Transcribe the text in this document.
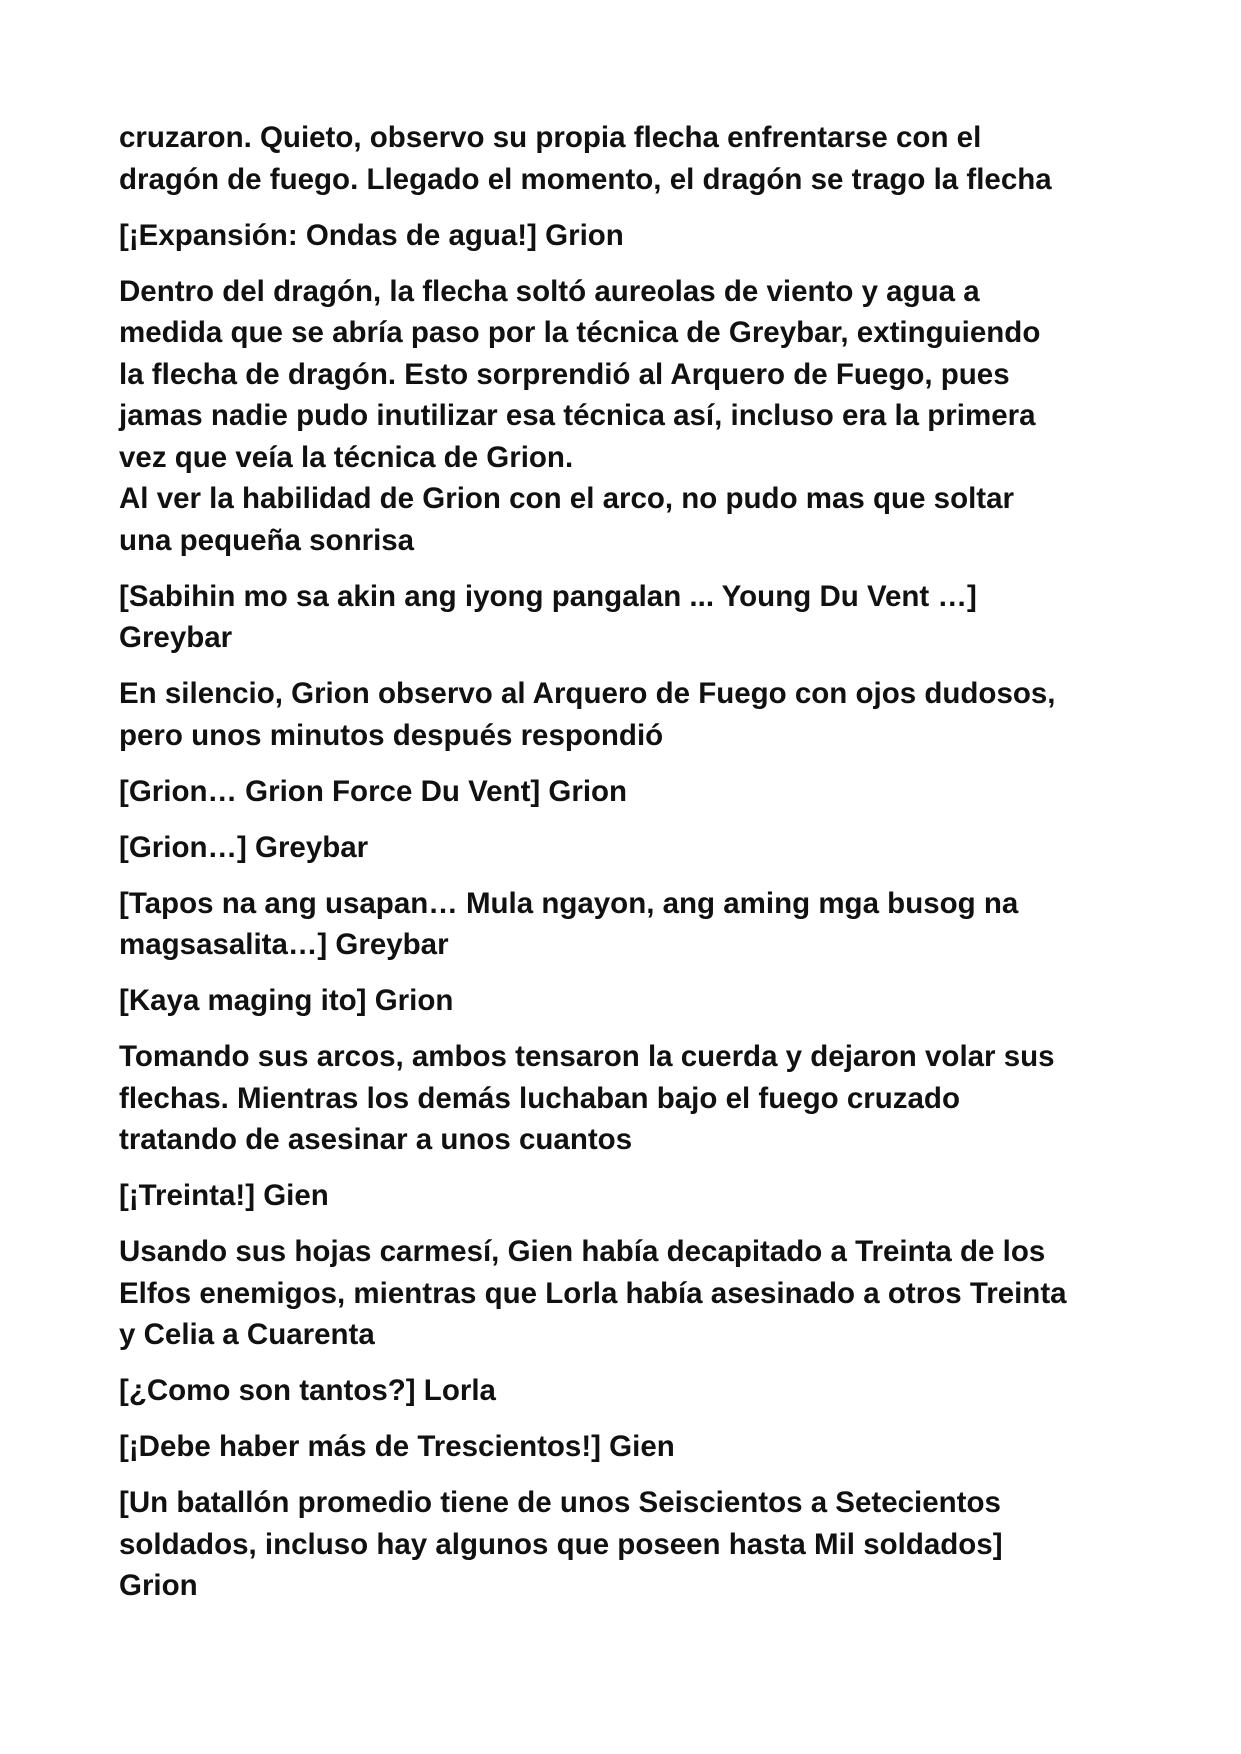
cruzaron. Quieto, observo su propia flecha enfrentarse con el
dragón de fuego. Llegado el momento, el dragón se trago la flecha

[¡Expansión: Ondas de agua!] Grion

Dentro del dragón, la flecha soltó aureolas de viento y agua a
medida que se abría paso por la técnica de Greybar, extinguiendo
la flecha de dragón. Esto sorprendió al Arquero de Fuego, pues
jamas nadie pudo inutilizar esa técnica así, incluso era la primera
vez que veía la técnica de Grion.
Al ver la habilidad de Grion con el arco, no pudo mas que soltar
una pequeña sonrisa

[Sabihin mo sa akin ang iyong pangalan ... Young Du Vent …]
Greybar

En silencio, Grion observo al Arquero de Fuego con ojos dudosos,
pero unos minutos después respondió

[Grion… Grion Force Du Vent] Grion

[Grion…] Greybar

[Tapos na ang usapan… Mula ngayon, ang aming mga busog na
magsasalita…] Greybar

[Kaya maging ito] Grion

Tomando sus arcos, ambos tensaron la cuerda y dejaron volar sus
flechas. Mientras los demás luchaban bajo el fuego cruzado
tratando de asesinar a unos cuantos

[¡Treinta!] Gien

Usando sus hojas carmesí, Gien había decapitado a Treinta de los
Elfos enemigos, mientras que Lorla había asesinado a otros Treinta
y Celia a Cuarenta

[¿Como son tantos?] Lorla

[¡Debe haber más de Trescientos!] Gien

[Un batallón promedio tiene de unos Seiscientos a Setecientos
soldados, incluso hay algunos que poseen hasta Mil soldados]
Grion
